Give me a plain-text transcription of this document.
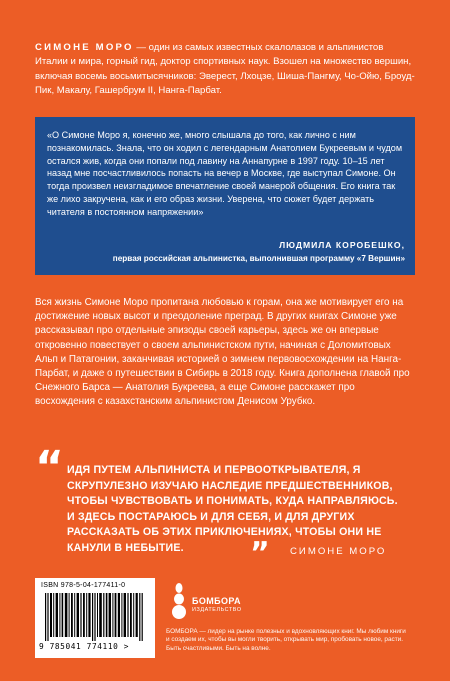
СИМОНЕ МОРО — один из самых известных скалолазов и альпинистов Италии и мира, горный гид, доктор спортивных наук. Взошел на множество вершин, включая восемь восьмитысячников: Эверест, Лхоцзе, Шиша-Пангму, Чо-Ойю, Броуд-Пик, Макалу, Гашербрум II, Нанга-Парбат.
«О Симоне Моро я, конечно же, много слышала до того, как лично с ним познакомилась. Знала, что он ходил с легендарным Анатолием Букреевым и чудом остался жив, когда они попали под лавину на Аннапурне в 1997 году. 10–15 лет назад мне посчастливилось попасть на вечер в Москве, где выступал Симоне. Он тогда произвел неизгладимое впечатление своей манерой общения. Его книга так же лихо закручена, как и его образ жизни. Уверена, что сюжет будет держать читателя в постоянном напряжении»
ЛЮДМИЛА КОРОБЕШКО,
первая российская альпинистка, выполнившая программу «7 Вершин»
Вся жизнь Симоне Моро пропитана любовью к горам, она же мотивирует его на достижение новых высот и преодоление преград. В других книгах Симоне уже рассказывал про отдельные эпизоды своей карьеры, здесь же он впервые откровенно повествует о своем альпинистском пути, начиная с Доломитовых Альп и Патагонии, заканчивая историей о зимнем первовосхождении на Нанга-Парбат, и даже о путешествии в Сибирь в 2018 году. Книга дополнена главой про Снежного Барса — Анатолия Букреева, а еще Симоне расскажет про восхождения с казахстанским альпинистом Денисом Урубко.
“ ИДЯ ПУТЕМ АЛЬПИНИСТА И ПЕРВООТКРЫВАТЕЛЯ, Я СКРУПУЛЕЗНО ИЗУЧАЮ НАСЛЕДИЕ ПРЕДШЕСТВЕННИКОВ, ЧТОБЫ ЧУВСТВОВАТЬ И ПОНИМАТЬ, КУДА НАПРАВЛЯЮСЬ. И ЗДЕСЬ ПОСТАРАЮСЬ И ДЛЯ СЕБЯ, И ДЛЯ ДРУГИХ РАССКАЗАТЬ ОБ ЭТИХ ПРИКЛЮЧЕНИЯХ, ЧТОБЫ ОНИ НЕ КАНУЛИ В НЕБЫТИЕ.	” СИМОНЕ МОРО
ISBN 978-5-04-177411-0
9 785041 774110 >
БОМБОРА
ИЗДАТЕЛЬСТВО
БОМБОРА — лидер на рынке полезных и вдохновляющих книг. Мы любим книги и создаем их, чтобы вы могли творить, открывать мир, пробовать новое, расти. Быть счастливыми. Быть на волне.
